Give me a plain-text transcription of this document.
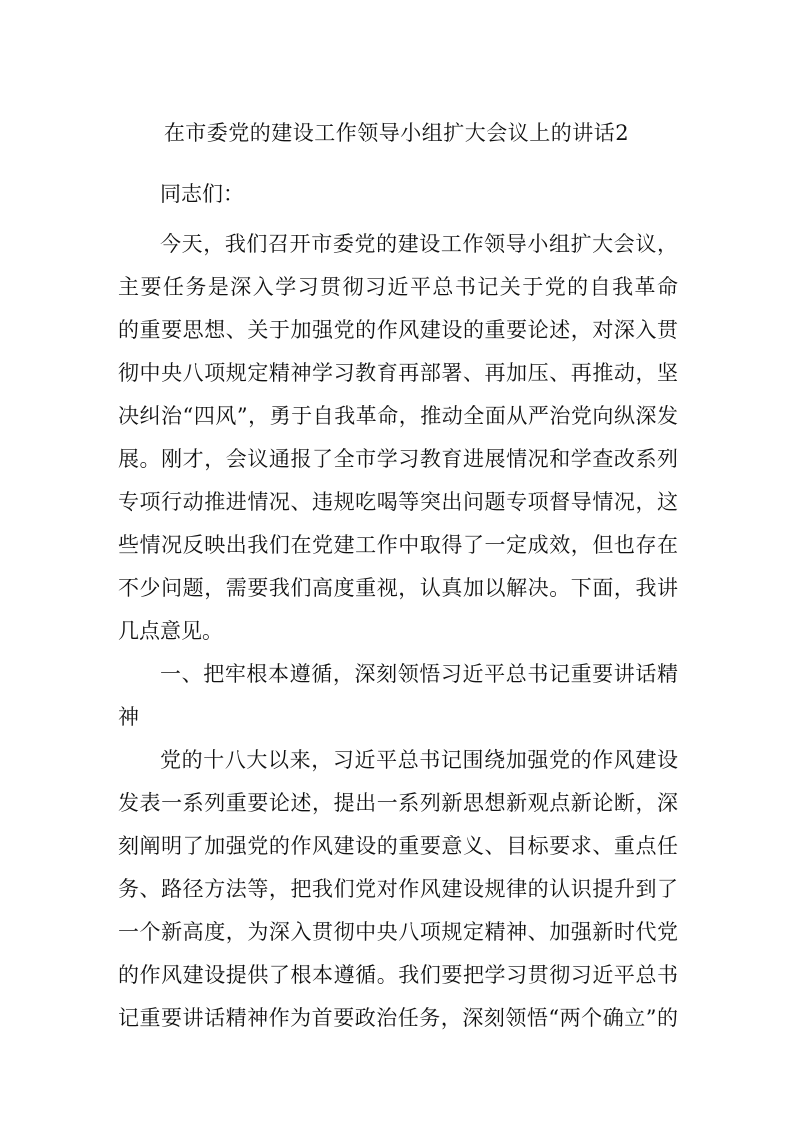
在市委党的建设工作领导小组扩大会议上的讲话2
同志们：
今天，我们召开市委党的建设工作领导小组扩大会议，
主要任务是深入学习贯彻习近平总书记关于党的自我革命
的重要思想、关于加强党的作风建设的重要论述，对深入贯
彻中央八项规定精神学习教育再部署、再加压、再推动，坚
决纠治“四风”，勇于自我革命，推动全面从严治党向纵深发
展。刚才，会议通报了全市学习教育进展情况和学查改系列
专项行动推进情况、违规吃喝等突出问题专项督导情况，这
些情况反映出我们在党建工作中取得了一定成效，但也存在
不少问题，需要我们高度重视，认真加以解决。下面，我讲
几点意见。
一、把牢根本遵循，深刻领悟习近平总书记重要讲话精
神
党的十八大以来，习近平总书记围绕加强党的作风建设
发表一系列重要论述，提出一系列新思想新观点新论断，深
刻阐明了加强党的作风建设的重要意义、目标要求、重点任
务、路径方法等，把我们党对作风建设规律的认识提升到了
一个新高度，为深入贯彻中央八项规定精神、加强新时代党
的作风建设提供了根本遵循。我们要把学习贯彻习近平总书
记重要讲话精神作为首要政治任务，深刻领悟“两个确立”的
